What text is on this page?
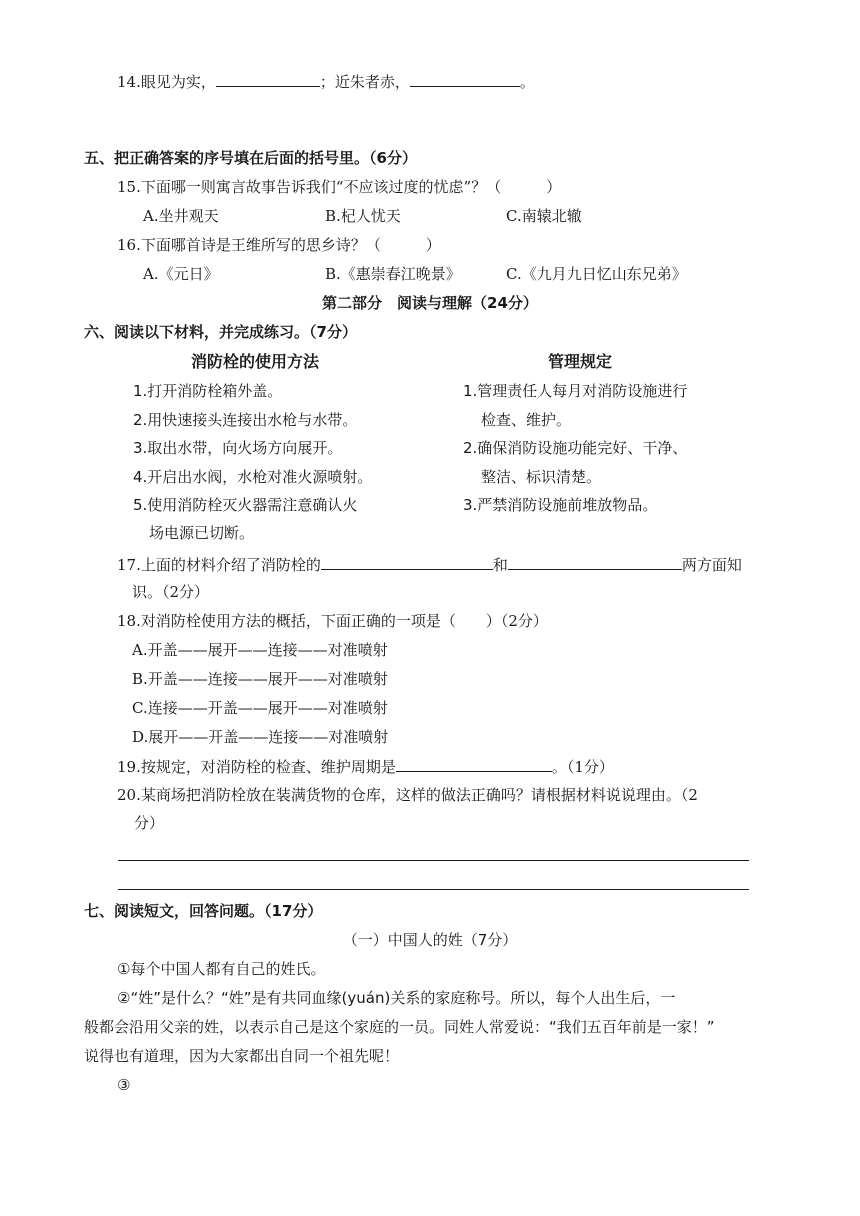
14.眼见为实，	；近朱者赤，	。
五、把正确答案的序号填在后面的括号里。（6分）
15.下面哪一则寓言故事告诉我们“不应该过度的忧虑”？（　　　）
A.坐井观天	B.杞人忧天	C.南辕北辙
16.下面哪首诗是王维所写的思乡诗？（　　　）
A.《元日》	B.《惠崇春江晚景》	C.《九月九日忆山东兄弟》
第二部分　阅读与理解（24分）
六、阅读以下材料，并完成练习。（7分）
消防栓的使用方法
1.打开消防栓箱外盖。
2.用快速接头连接出水枪与水带。
3.取出水带，向火场方向展开。
4.开启出水阀，水枪对准火源喷射。
5.使用消防栓灭火器需注意确认火
场电源已切断。
管理规定
1.管理责任人每月对消防设施进行
检查、维护。
2.确保消防设施功能完好、干净、
整洁、标识清楚。
3.严禁消防设施前堆放物品。
17.上面的材料介绍了消防栓的	和	两方面知
识。（2分）
18.对消防栓使用方法的概括，下面正确的一项是（　　）（2分）
A.开盖——展开——连接——对准喷射
B.开盖——连接——展开——对准喷射
C.连接——开盖——展开——对准喷射
D.展开——开盖——连接——对准喷射
19.按规定，对消防栓的检查、维护周期是	。（1分）
20.某商场把消防栓放在装满货物的仓库，这样的做法正确吗？请根据材料说说理由。（2
分）
七、阅读短文，回答问题。（17分）
（一）中国人的姓（7分）
①每个中国人都有自己的姓氏。
②“姓”是什么？“姓”是有共同血缘(yuán)关系的家庭称号。所以，每个人出生后，一
般都会沿用父亲的姓，以表示自己是这个家庭的一员。同姓人常爱说：“我们五百年前是一家！”
说得也有道理，因为大家都出自同一个祖先呢！
③
